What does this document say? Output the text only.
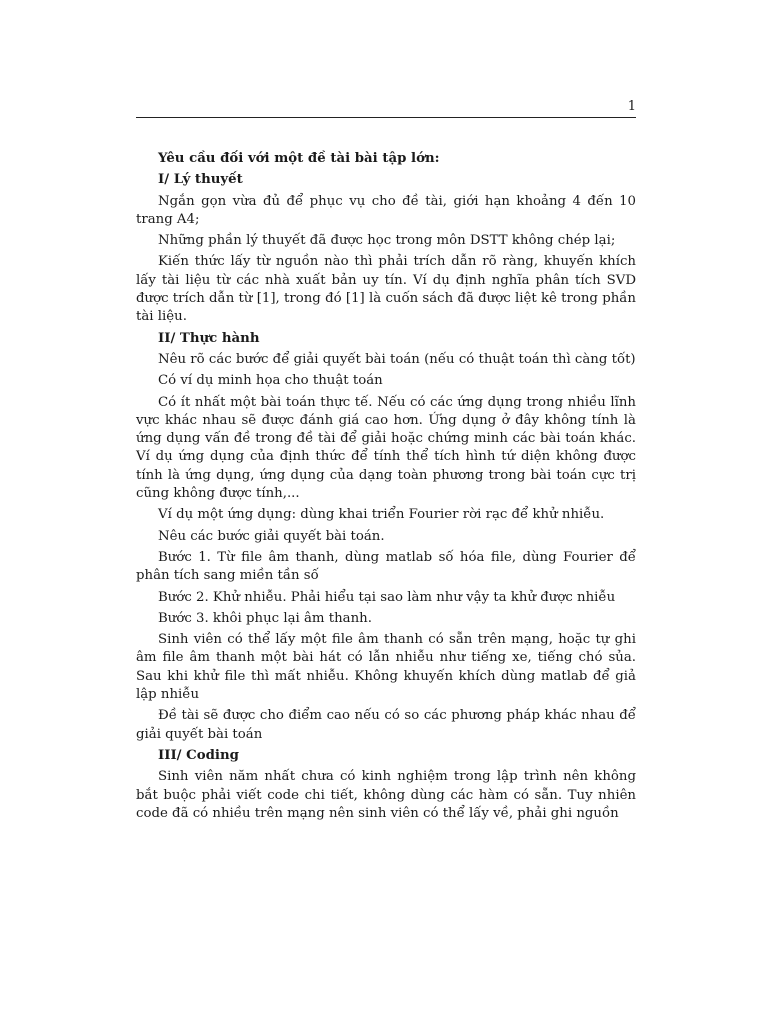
1
Yêu cầu đối với một đề tài bài tập lớn:
I/ Lý thuyết
Ngắn gọn vừa đủ để phục vụ cho đề tài, giới hạn khoảng 4 đến 10 trang A4;
Những phần lý thuyết đã được học trong môn DSTT không chép lại;
Kiến thức lấy từ nguồn nào thì phải trích dẫn rõ ràng, khuyến khích lấy tài liệu từ các nhà xuất bản uy tín. Ví dụ định nghĩa phân tích SVD được trích dẫn từ [1], trong đó [1] là cuốn sách đã được liệt kê trong phần tài liệu.
II/ Thực hành
Nêu rõ các bước để giải quyết bài toán (nếu có thuật toán thì càng tốt)
Có ví dụ minh họa cho thuật toán
Có ít nhất một bài toán thực tế. Nếu có các ứng dụng trong nhiều lĩnh vực khác nhau sẽ được đánh giá cao hơn. Ứng dụng ở đây không tính là ứng dụng vấn đề trong đề tài để giải hoặc chứng minh các bài toán khác. Ví dụ ứng dụng của định thức để tính thể tích hình tứ diện không được tính là ứng dụng, ứng dụng của dạng toàn phương trong bài toán cực trị cũng không được tính,...
Ví dụ một ứng dụng: dùng khai triển Fourier rời rạc để khử nhiễu.
Nêu các bước giải quyết bài toán.
Bước 1. Từ file âm thanh, dùng matlab số hóa file, dùng Fourier để phân tích sang miền tần số
Bước 2. Khử nhiễu. Phải hiểu tại sao làm như vậy ta khử được nhiễu
Bước 3. khôi phục lại âm thanh.
Sinh viên có thể lấy một file âm thanh có sẵn trên mạng, hoặc tự ghi âm file âm thanh một bài hát có lẫn nhiễu như tiếng xe, tiếng chó sủa. Sau khi khử file thì mất nhiễu. Không khuyến khích dùng matlab để giả lập nhiễu
Đề tài sẽ được cho điểm cao nếu có so các phương pháp khác nhau để giải quyết bài toán
III/ Coding
Sinh viên năm nhất chưa có kinh nghiệm trong lập trình nên không bắt buộc phải viết code chi tiết, không dùng các hàm có sẵn. Tuy nhiên code đã có nhiều trên mạng nên sinh viên có thể lấy về, phải ghi nguồn
